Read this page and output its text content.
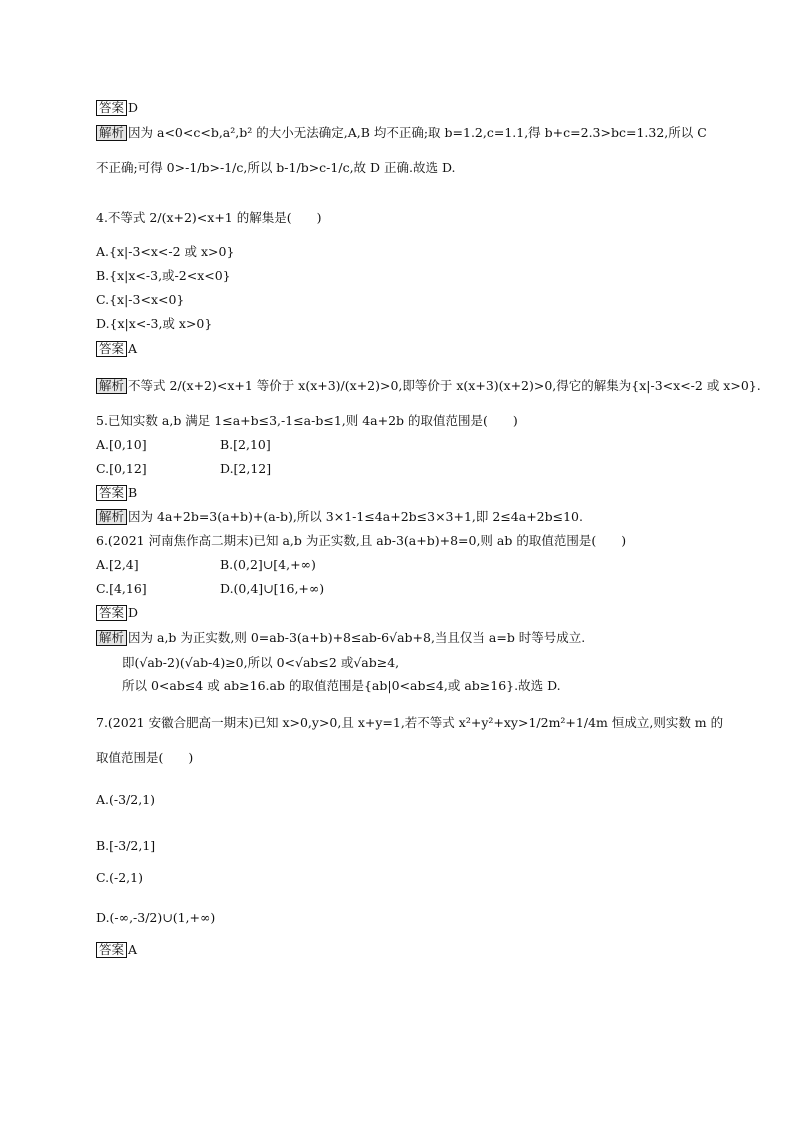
答案 D
解析 因为 a<0<c<b,a²,b² 的大小无法确定,A,B 均不正确;取 b=1.2,c=1.1,得 b+c=2.3>bc=1.32,所以 C
不正确;可得 0>-1/b>-1/c,所以 b-1/b>c-1/c,故 D 正确.故选 D.
4.不等式 2/(x+2)<x+1 的解集是(　　)
A.{x|-3<x<-2 或 x>0}
B.{x|x<-3,或-2<x<0}
C.{x|-3<x<0}
D.{x|x<-3,或 x>0}
答案 A
解析 不等式 2/(x+2)<x+1 等价于 x(x+3)/(x+2)>0,即等价于 x(x+3)(x+2)>0,得它的解集为{x|-3<x<-2 或 x>0}.
5.已知实数 a,b 满足 1≤a+b≤3,-1≤a-b≤1,则 4a+2b 的取值范围是(　　)
A.[0,10]	B.[2,10]
C.[0,12]	D.[2,12]
答案 B
解析 因为 4a+2b=3(a+b)+(a-b),所以 3×1-1≤4a+2b≤3×3+1,即 2≤4a+2b≤10.
6.(2021 河南焦作高二期末)已知 a,b 为正实数,且 ab-3(a+b)+8=0,则 ab 的取值范围是(　　)
A.[2,4]	B.(0,2]∪[4,+∞)
C.[4,16]	D.(0,4]∪[16,+∞)
答案 D
解析 因为 a,b 为正实数,则 0=ab-3(a+b)+8≤ab-6√ab+8,当且仅当 a=b 时等号成立.
即(√ab-2)(√ab-4)≥0,所以 0<√ab≤2 或√ab≥4,
所以 0<ab≤4 或 ab≥16.ab 的取值范围是{ab|0<ab≤4,或 ab≥16}.故选 D.
7.(2021 安徽合肥高一期末)已知 x>0,y>0,且 x+y=1,若不等式 x²+y²+xy>1/2m²+1/4m 恒成立,则实数 m 的
取值范围是(　　)
A.(-3/2,1)
B.[-3/2,1]
C.(-2,1)
D.(-∞,-3/2)∪(1,+∞)
答案 A
